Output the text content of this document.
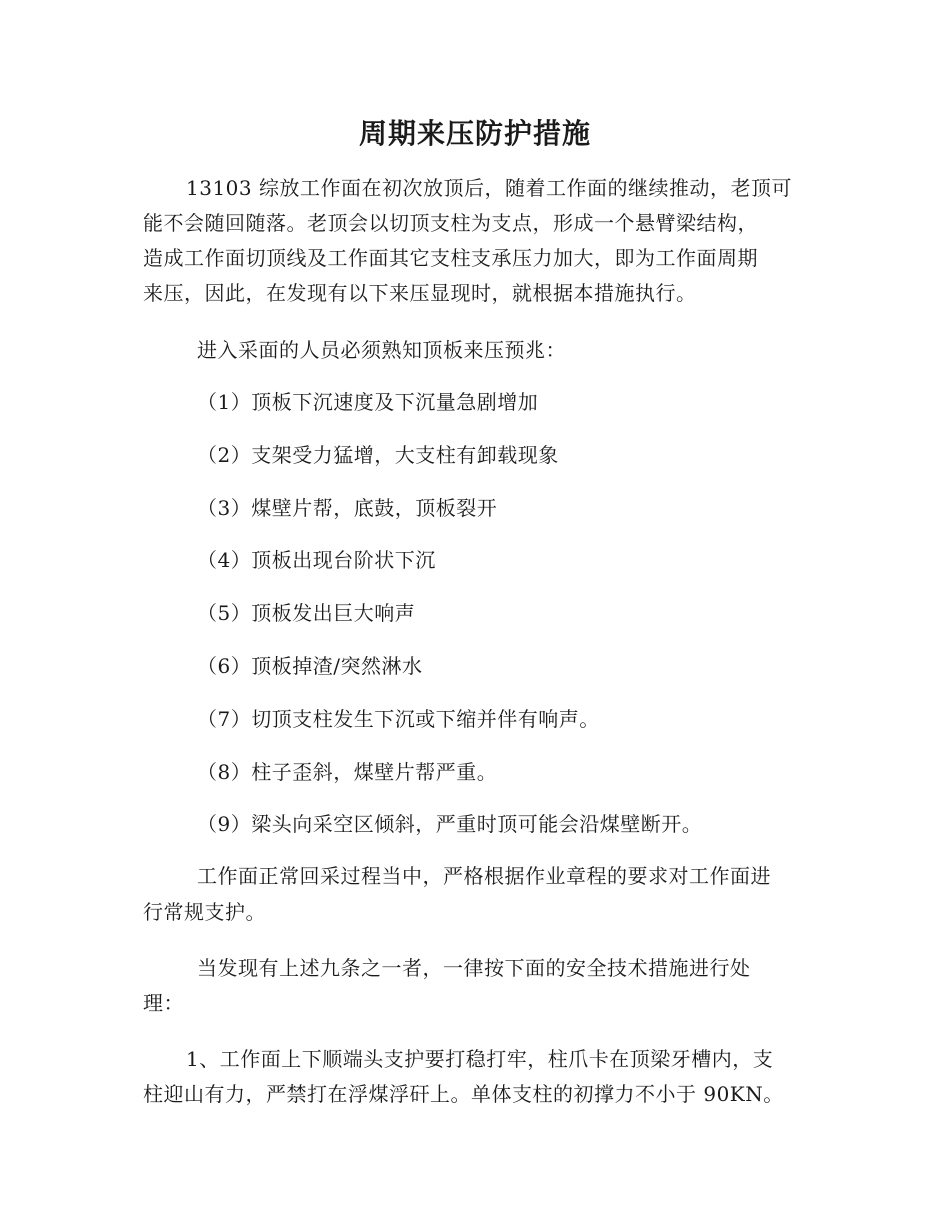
周期来压防护措施
13103 综放工作面在初次放顶后，随着工作面的继续推动，老顶可
能不会随回随落。老顶会以切顶支柱为支点，形成一个悬臂梁结构，
造成工作面切顶线及工作面其它支柱支承压力加大，即为工作面周期
来压，因此，在发现有以下来压显现时，就根据本措施执行。
进入采面的人员必须熟知顶板来压预兆：
（1）顶板下沉速度及下沉量急剧增加
（2）支架受力猛增，大支柱有卸载现象
（3）煤壁片帮，底鼓，顶板裂开
（4）顶板出现台阶状下沉
（5）顶板发出巨大响声
（6）顶板掉渣/突然淋水
（7）切顶支柱发生下沉或下缩并伴有响声。
（8）柱子歪斜，煤壁片帮严重。
（9）梁头向采空区倾斜，严重时顶可能会沿煤壁断开。
工作面正常回采过程当中，严格根据作业章程的要求对工作面进
行常规支护。
当发现有上述九条之一者，一律按下面的安全技术措施进行处
理：
1、工作面上下顺端头支护要打稳打牢，柱爪卡在顶梁牙槽内，支
柱迎山有力，严禁打在浮煤浮矸上。单体支柱的初撑力不小于 90KN。
